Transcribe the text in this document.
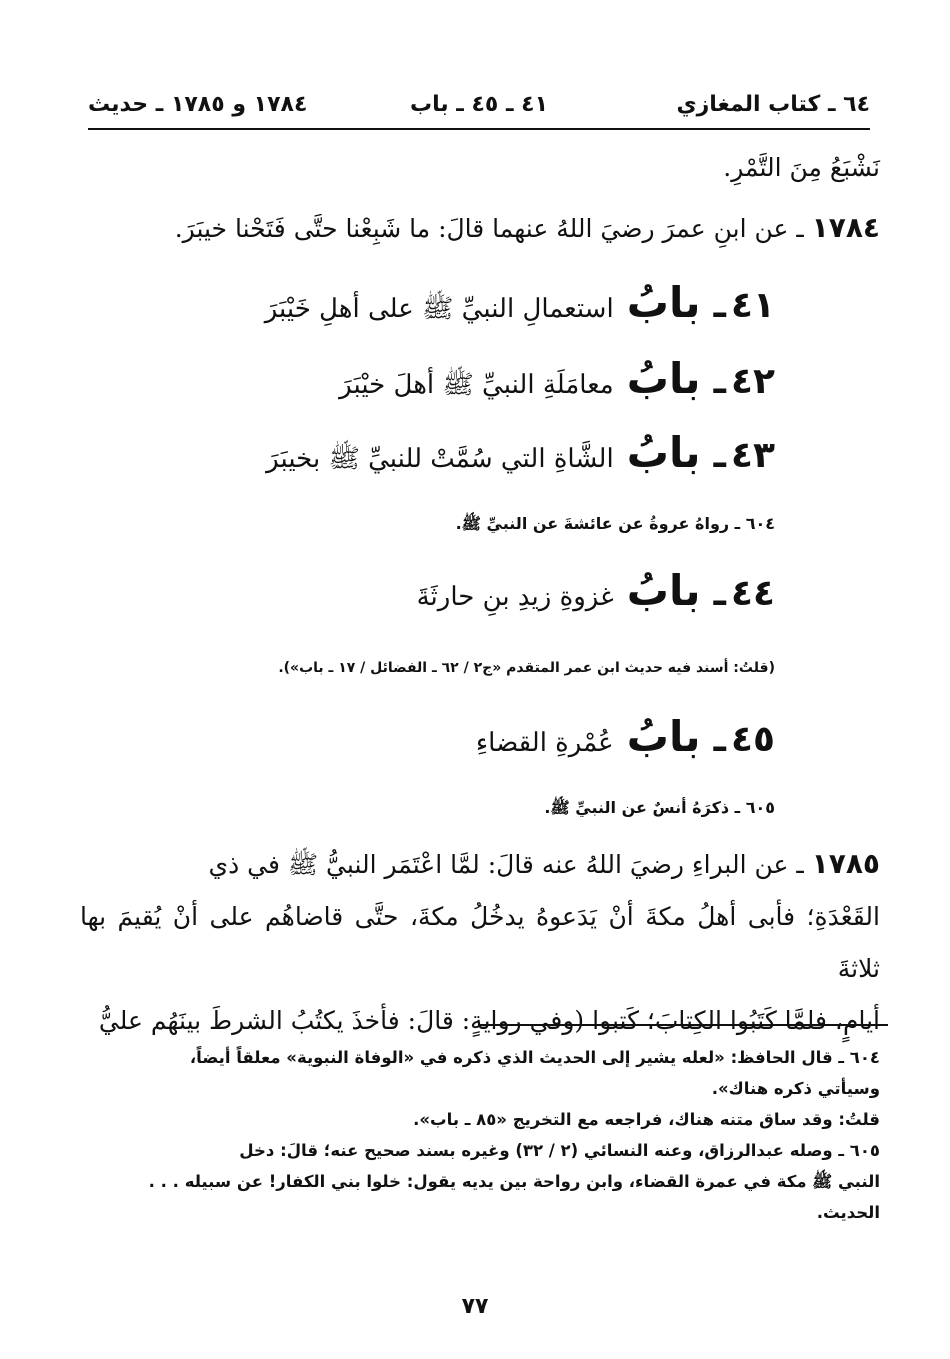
٦٤ ـ كتاب المغازي
٤١ ـ ٤٥ ـ باب
١٧٨٤ و ١٧٨٥ ـ حديث
نَشْبَعُ مِنَ التَّمْرِ.
١٧٨٤ ـ عن ابنِ عمرَ رضيَ اللهُ عنهما قالَ: ما شَبِعْنا حتَّى فَتَحْنا خيبَرَ.
٤١ ـ بابُ استعمالِ النبيِّ ﷺ على أهلِ خَيْبَرَ
٤٢ ـ بابُ معامَلَةِ النبيِّ ﷺ أهلَ خيْبَرَ
٤٣ ـ بابُ الشَّاةِ التي سُمَّتْ للنبيِّ ﷺ بخيبَرَ
٦٠٤ ـ رواهُ عروةُ عن عائشةَ عن النبيِّ ﷺ.
٤٤ ـ بابُ غزوةِ زيدِ بنِ حارثَةَ
(قلتُ: أسند فيه حديث ابن عمر المتقدم «ج٢ / ٦٢ ـ الفضائل / ١٧ ـ باب»).
٤٥ ـ بابُ عُمْرةِ القضاءِ
٦٠٥ ـ ذكرَهُ أنسٌ عن النبيِّ ﷺ.
١٧٨٥ ـ عن البراءِ رضيَ اللهُ عنه قالَ: لمَّا اعْتَمَر النبيُّ ﷺ في ذي
القَعْدَةِ؛ فأبى أهلُ مكةَ أنْ يَدَعوهُ يدخُلُ مكةَ، حتَّى قاضاهُم على أنْ يُقيمَ بها ثلاثةَ
أيامٍ، فلمَّا كَتَبُوا الكِتابَ؛ كَتبوا (وفي روايةٍ: قالَ: فأخذَ يكتُبُ الشرطَ بينَهُم عليُّ
٦٠٤ ـ قال الحافظ: «لعله يشير إلى الحديث الذي ذكره في «الوفاة النبوية» معلقاً أيضاً،
وسيأتي ذكره هناك».
قلتُ: وقد ساق متنه هناك، فراجعه مع التخريج «٨٥ ـ باب».
٦٠٥ ـ وصله عبدالرزاق، وعنه النسائي (٢ / ٣٢) وغيره بسند صحيح عنه؛ قالَ: دخل
النبي ﷺ مكة في عمرة القضاء، وابن رواحة بين يديه يقول: خلوا بني الكفار! عن سبيله . . .
الحديث.
٧٧
